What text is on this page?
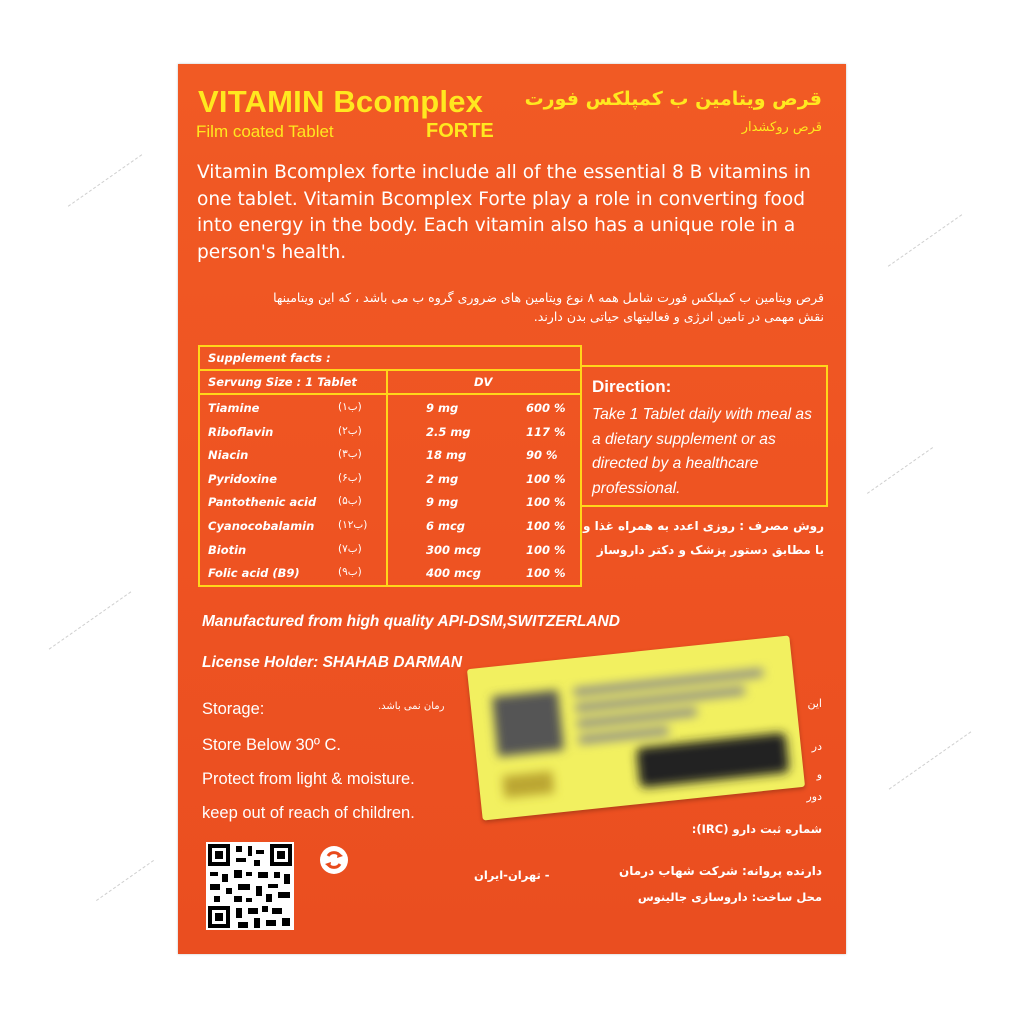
VITAMIN Bcomplex
Film coated Tablet	FORTE
قرص ویتامین ب کمپلکس فورت
قرص روکشدار

Vitamin Bcomplex forte include all of the essential 8 B vitamins in one tablet. Vitamin Bcomplex Forte play a role in converting food into energy in the body. Each vitamin also has a unique role in a person's health.

قرص ویتامین ب کمپلکس فورت شامل همه ۸ نوع ویتامین های ضروری گروه ب می باشد ، که این ویتامینها
نقش مهمی در تامین انرژی و فعالیتهای حیاتی بدن دارند.
Supplement facts :
Servung Size : 1 Tablet	DV
Tiamine	(ب۱)	9 mg	600 %
Riboflavin	(ب۲)	2.5 mg	117 %
Niacin	(ب۳)	18 mg	90 %
Pyridoxine	(ب۶)	2 mg	100 %
Pantothenic acid (ب۵)	9 mg	100 %
Cyanocobalamin (ب۱۲)	6 mcg	100 %
Biotin	(ب۷)	300 mcg	100 %
Folic acid (B9)	(ب۹)	400 mcg	100 %
Direction:
Take 1 Tablet daily with meal as a dietary supplement or as directed by a healthcare professional.
روش مصرف : روزی اعدد به همراه غذا و
یا مطابق دستور پزشک و دکتر داروساز
Manufactured from high quality API-DSM,SWITZERLAND
License Holder: SHAHAB DARMAN
Storage:
Store Below 30º C.
Protect from light & moisture.
keep out of reach of children.
رمان نمی باشد.	این
در
و
دور
شماره ثبت دارو (IRC):
دارنده پروانه: شرکت شهاب درمان
- تهران-ایران
محل ساخت: داروسازی جالینوس
